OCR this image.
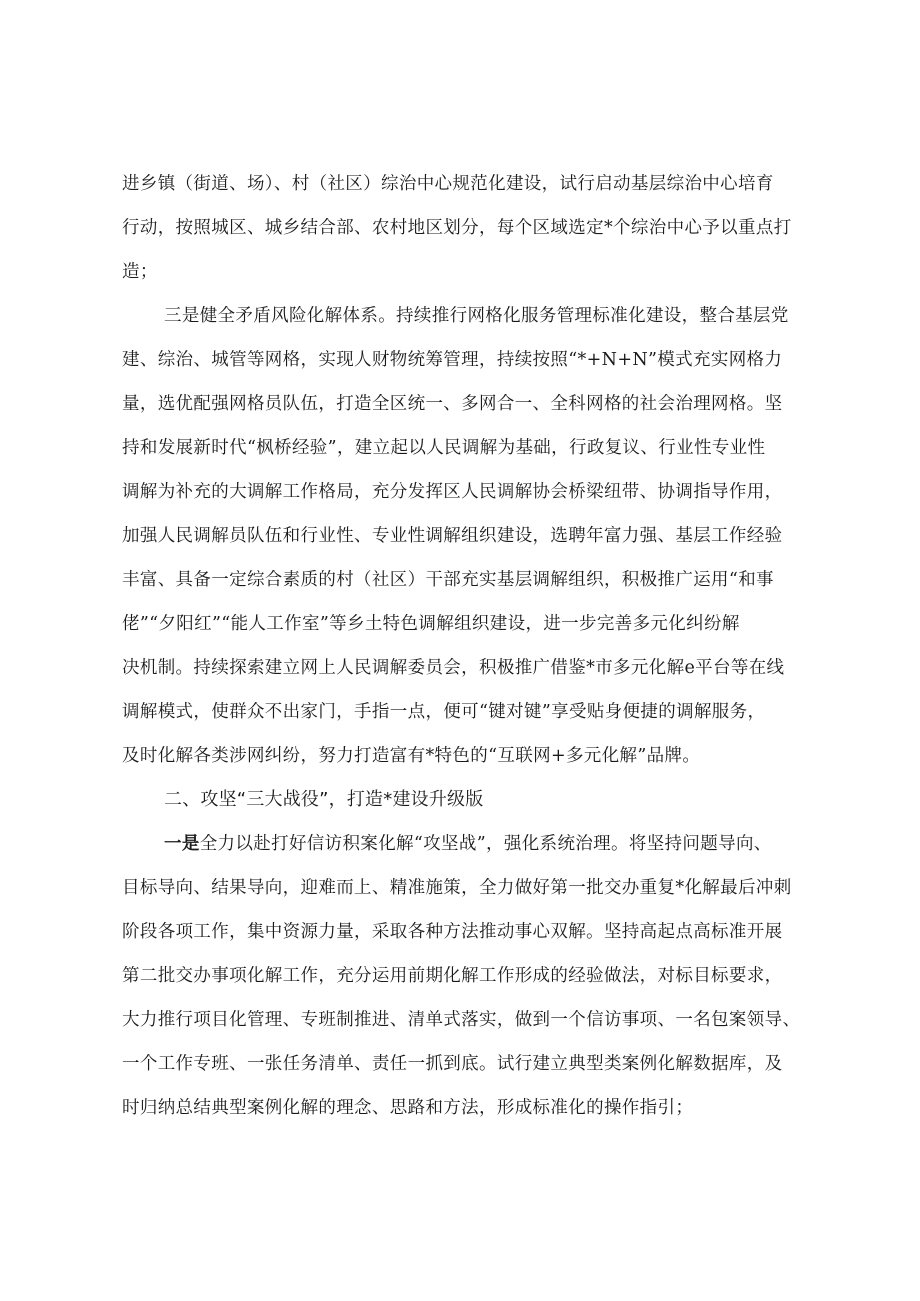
进乡镇（街道、场）、村（社区）综治中心规范化建设，试行启动基层综治中心培育
行动，按照城区、城乡结合部、农村地区划分，每个区域选定*个综治中心予以重点打
造；
三是健全矛盾风险化解体系。持续推行网格化服务管理标准化建设，整合基层党
建、综治、城管等网格，实现人财物统筹管理，持续按照“*+N+N”模式充实网格力
量，选优配强网格员队伍，打造全区统一、多网合一、全科网格的社会治理网格。坚
持和发展新时代“枫桥经验”，建立起以人民调解为基础，行政复议、行业性专业性
调解为补充的大调解工作格局，充分发挥区人民调解协会桥梁纽带、协调指导作用，
加强人民调解员队伍和行业性、专业性调解组织建设，选聘年富力强、基层工作经验
丰富、具备一定综合素质的村（社区）干部充实基层调解组织，积极推广运用“和事
佬”“夕阳红”“能人工作室”等乡土特色调解组织建设，进一步完善多元化纠纷解
决机制。持续探索建立网上人民调解委员会，积极推广借鉴*市多元化解e平台等在线
调解模式，使群众不出家门，手指一点，便可“键对键”享受贴身便捷的调解服务，
及时化解各类涉网纠纷，努力打造富有*特色的“互联网+多元化解”品牌。
二、攻坚“三大战役”，打造*建设升级版
一是全力以赴打好信访积案化解“攻坚战”，强化系统治理。将坚持问题导向、
目标导向、结果导向，迎难而上、精准施策，全力做好第一批交办重复*化解最后冲刺
阶段各项工作，集中资源力量，采取各种方法推动事心双解。坚持高起点高标准开展
第二批交办事项化解工作，充分运用前期化解工作形成的经验做法，对标目标要求，
大力推行项目化管理、专班制推进、清单式落实，做到一个信访事项、一名包案领导、
一个工作专班、一张任务清单、责任一抓到底。试行建立典型类案例化解数据库，及
时归纳总结典型案例化解的理念、思路和方法，形成标准化的操作指引；
